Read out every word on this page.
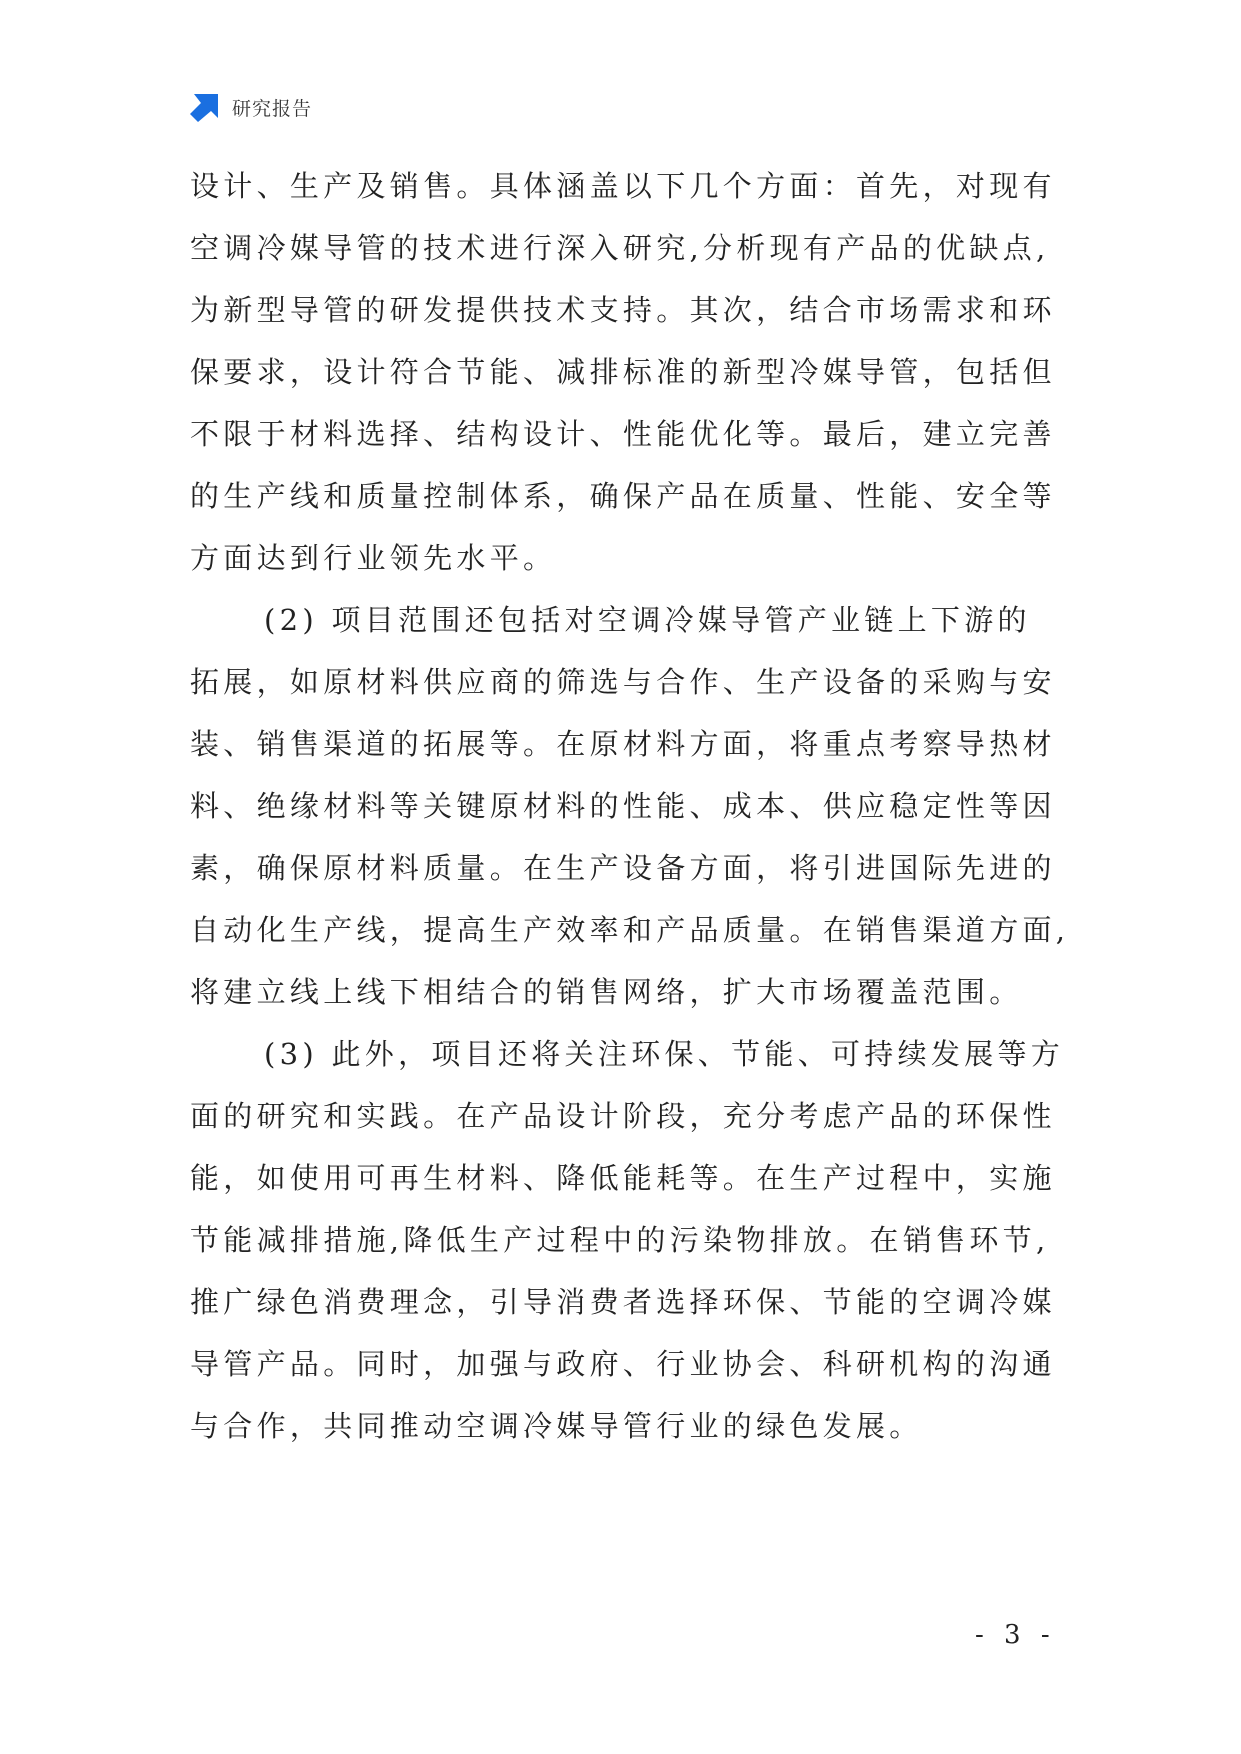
研究报告
设计、生产及销售。具体涵盖以下几个方面：首先，对现有
空调冷媒导管的技术进行深入研究,分析现有产品的优缺点,
为新型导管的研发提供技术支持。其次，结合市场需求和环
保要求，设计符合节能、减排标准的新型冷媒导管，包括但
不限于材料选择、结构设计、性能优化等。最后，建立完善
的生产线和质量控制体系，确保产品在质量、性能、安全等
方面达到行业领先水平。
(2) 项目范围还包括对空调冷媒导管产业链上下游的
拓展，如原材料供应商的筛选与合作、生产设备的采购与安
装、销售渠道的拓展等。在原材料方面，将重点考察导热材
料、绝缘材料等关键原材料的性能、成本、供应稳定性等因
素，确保原材料质量。在生产设备方面，将引进国际先进的
自动化生产线，提高生产效率和产品质量。在销售渠道方面,
将建立线上线下相结合的销售网络，扩大市场覆盖范围。
(3) 此外，项目还将关注环保、节能、可持续发展等方
面的研究和实践。在产品设计阶段，充分考虑产品的环保性
能，如使用可再生材料、降低能耗等。在生产过程中，实施
节能减排措施,降低生产过程中的污染物排放。在销售环节,
推广绿色消费理念，引导消费者选择环保、节能的空调冷媒
导管产品。同时，加强与政府、行业协会、科研机构的沟通
与合作，共同推动空调冷媒导管行业的绿色发展。
- 3 -
